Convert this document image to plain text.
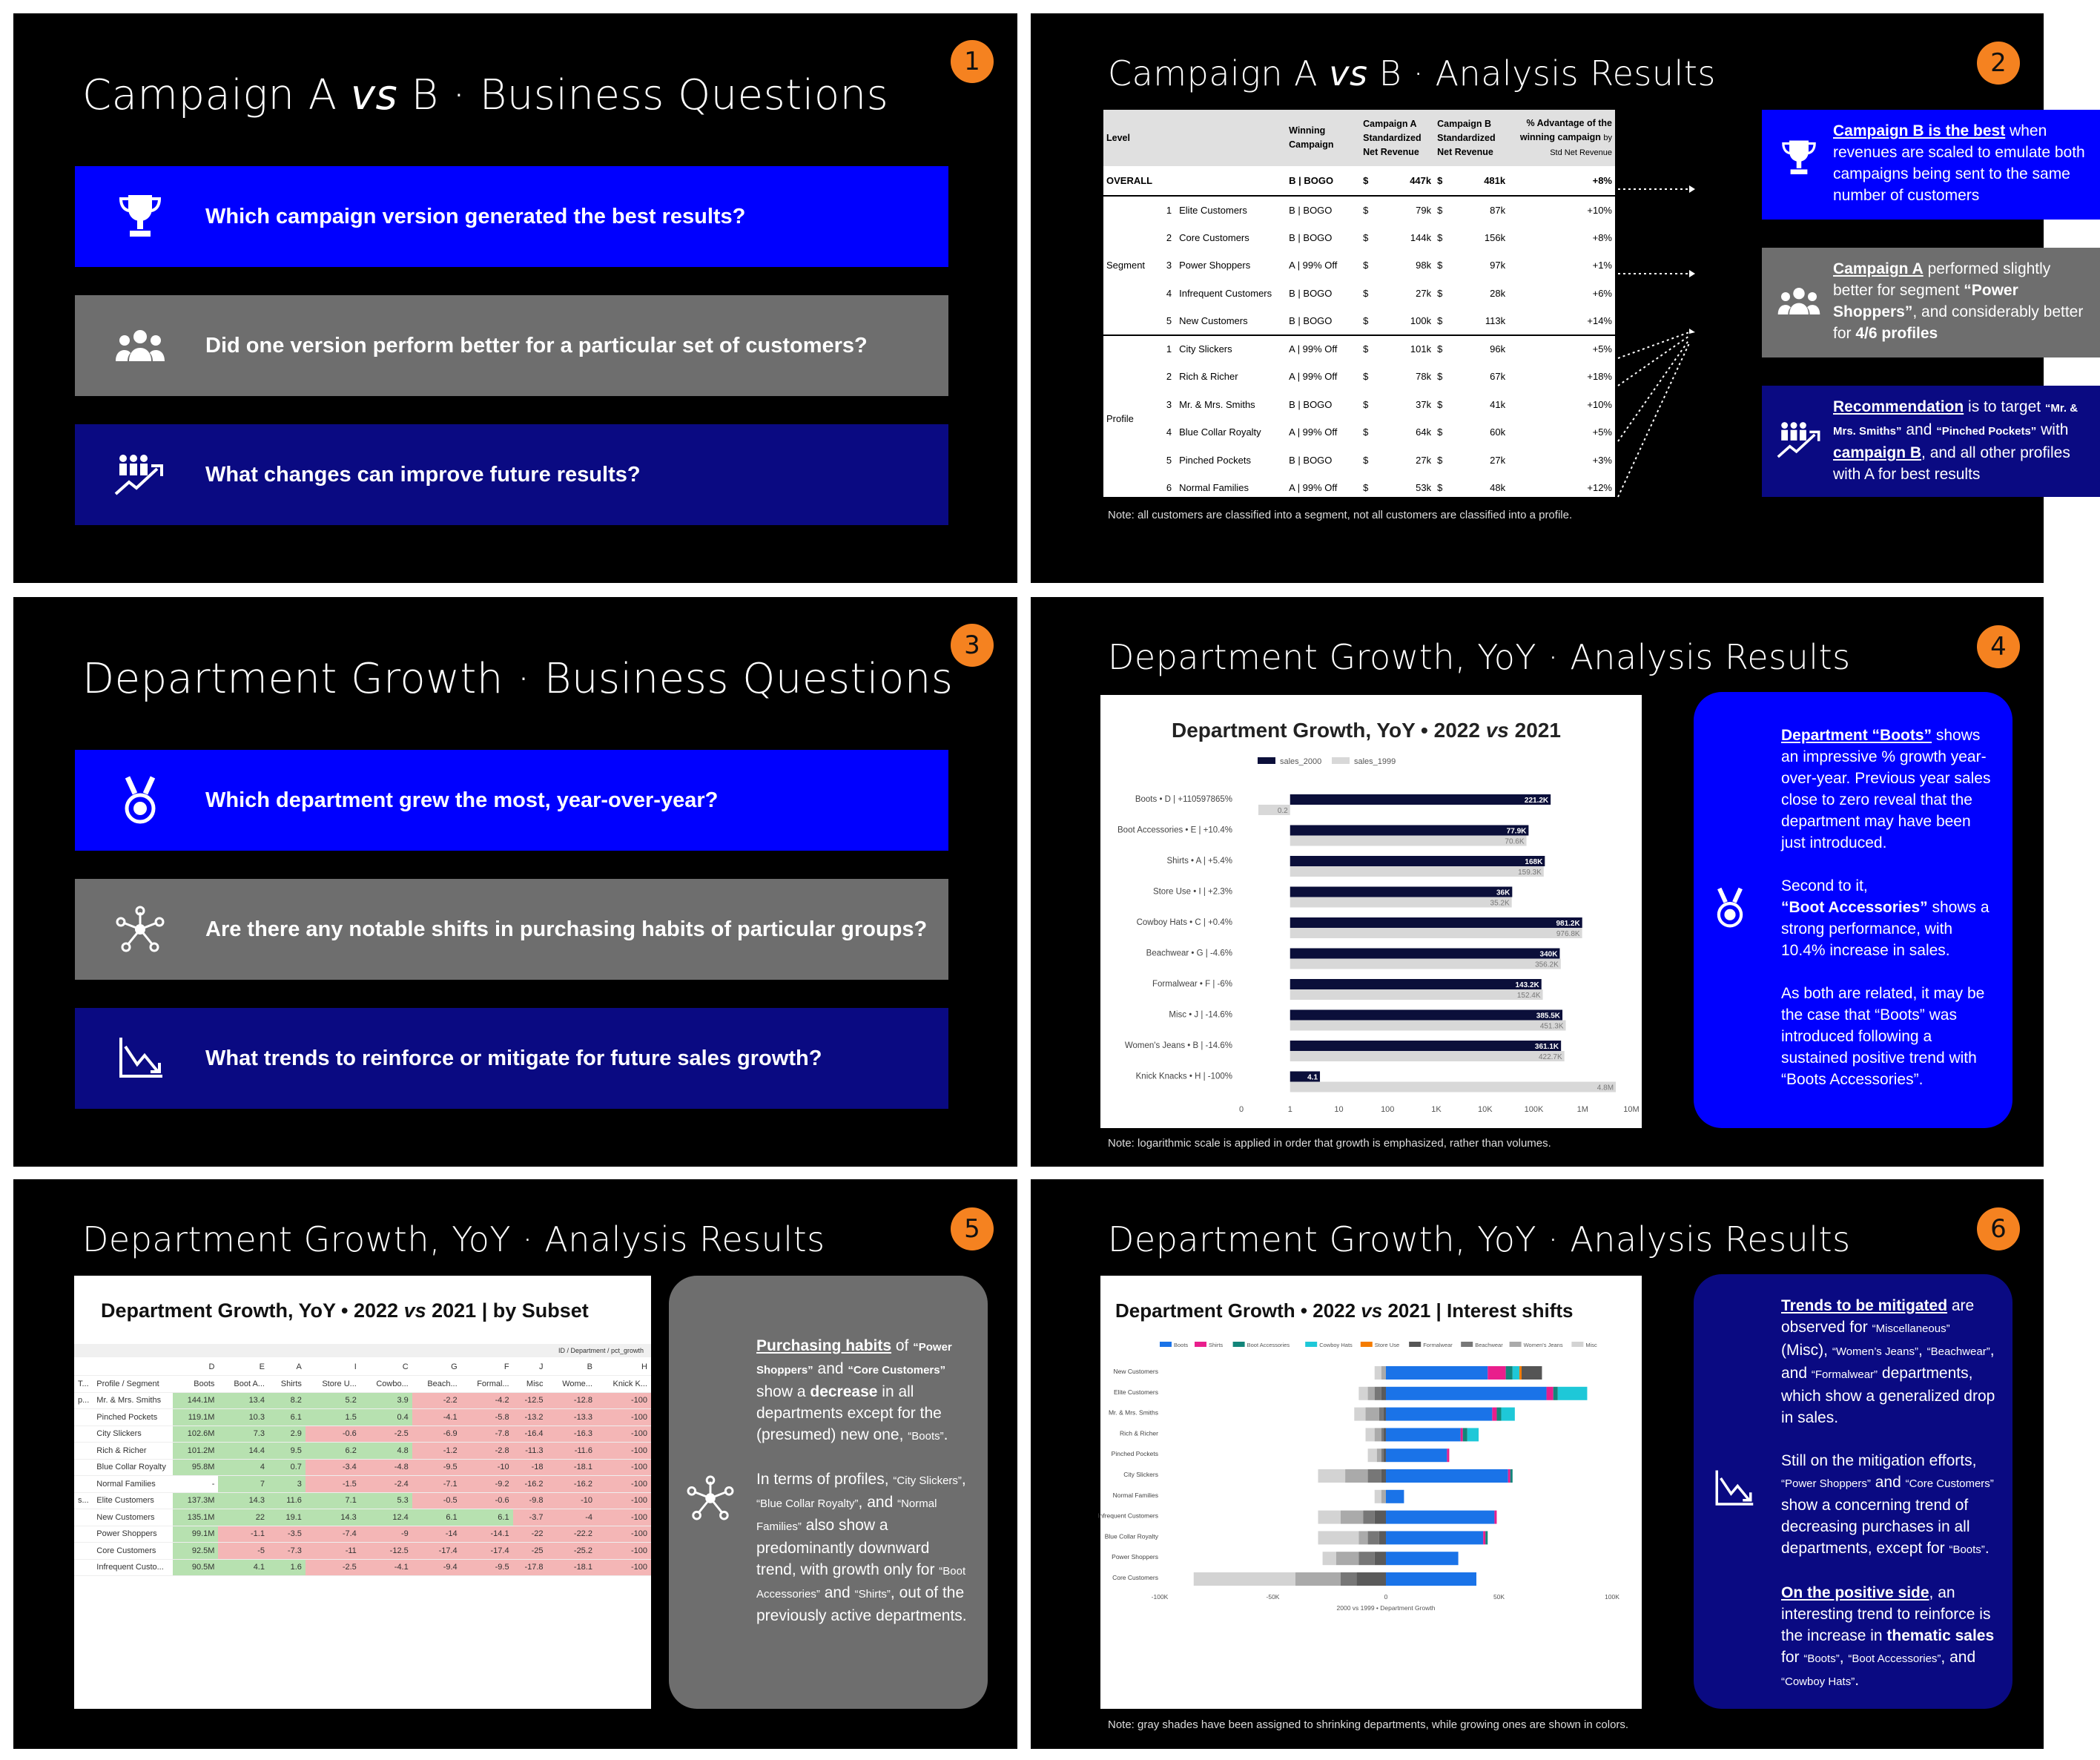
1
Campaign A vs B · Business Questions
Which campaign version generated the best results?
Did one version perform better for a particular set of customers?
What changes can improve future results?
2
Campaign A vs B · Analysis Results
Level		Winning Campaign	Campaign A Standardized Net Revenue	Campaign B Standardized Net Revenue	% Advantage of the winning campaign by Std Net Revenue
OVERALL		B | BOGO	$ 447k	$ 481k	+8%
Segment	1 Elite Customers	B | BOGO	$ 79k	$ 87k	+10%
	2 Core Customers	B | BOGO	$ 144k	$ 156k	+8%
	3 Power Shoppers	A | 99% Off	$ 98k	$ 97k	+1%
	4 Infrequent Customers	B | BOGO	$ 27k	$ 28k	+6%
	5 New Customers	B | BOGO	$ 100k	$ 113k	+14%
Profile	1 City Slickers	A | 99% Off	$ 101k	$ 96k	+5%
	2 Rich & Richer	A | 99% Off	$ 78k	$ 67k	+18%
	3 Mr. & Mrs. Smiths	B | BOGO	$ 37k	$ 41k	+10%
	4 Blue Collar Royalty	A | 99% Off	$ 64k	$ 60k	+5%
	5 Pinched Pockets	B | BOGO	$ 27k	$ 27k	+3%
	6 Normal Families	A | 99% Off	$ 53k	$ 48k	+12%
Note: all customers are classified into a segment, not all customers are classified into a profile.
Campaign B is the best when revenues are scaled to emulate both campaigns being sent to the same number of customers
Campaign A performed slightly better for segment “Power Shoppers”, and considerably better for 4/6 profiles
Recommendation is to target “Mr. & Mrs. Smiths” and “Pinched Pockets” with campaign B, and all other profiles with A for best results
3
Department Growth · Business Questions
Which department grew the most, year-over-year?
Are there any notable shifts in purchasing habits of particular groups?
What trends to reinforce or mitigate for future sales growth?
4
Department Growth, YoY · Analysis Results
Department Growth, YoY • 2022 vs 2021
sales_2000	sales_1999
Boots • D | +110597865%	221.2K
0.2
Boot Accessories • E | +10.4%	77.9K
70.6K
Shirts • A | +5.4%	168K
159.3K
Store Use • I | +2.3%	36K
35.2K
Cowboy Hats • C | +0.4%	981.2K
976.8K
Beachwear • G | -4.6%	340K
356.2K
Formalwear • F | -6%	143.2K
152.4K
Misc • J | -14.6%	385.5K
451.3K
Women's Jeans • B | -14.6%	361.1K
422.7K
Knick Knacks • H | -100%	4.1
4.8M
0	1	10	100	1K	10K	100K	1M	10M
Note: logarithmic scale is applied in order that growth is emphasized, rather than volumes.

Department “Boots” shows an impressive % growth year-over-year. Previous year sales close to zero reveal that the department may have been just introduced.

Second to it,
“Boot Accessories” shows a strong performance, with 10.4% increase in sales.

As both are related, it may be the case that “Boots” was introduced following a sustained positive trend with “Boots Accessories”.

5
Department Growth, YoY · Analysis Results
Department Growth, YoY • 2022 vs 2021 | by Subset
ID / Department / pct_growth
		D	E	A	I	C	G	F	J	B	H
T...	Profile / Segment	Boots	Boot A...	Shirts	Store U...	Cowbo...	Beach...	Formal...	Misc	Wome...	Knick K...
p...	Mr. & Mrs. Smiths	144.1M	13.4	8.2	5.2	3.9	-2.2	-4.2	-12.5	-12.8	-100
	Pinched Pockets	119.1M	10.3	6.1	1.5	0.4	-4.1	-5.8	-13.2	-13.3	-100
	City Slickers	102.6M	7.3	2.9	-0.6	-2.5	-6.9	-7.8	-16.4	-16.3	-100
	Rich & Richer	101.2M	14.4	9.5	6.2	4.8	-1.2	-2.8	-11.3	-11.6	-100
	Blue Collar Royalty	95.8M	4	0.7	-3.4	-4.8	-9.5	-10	-18	-18.1	-100
	Normal Families	-	7	3	-1.5	-2.4	-7.1	-9.2	-16.2	-16.2	-100
s...	Elite Customers	137.3M	14.3	11.6	7.1	5.3	-0.5	-0.6	-9.8	-10	-100
	New Customers	135.1M	22	19.1	14.3	12.4	6.1	6.1	-3.7	-4	-100
	Power Shoppers	99.1M	-1.1	-3.5	-7.4	-9	-14	-14.1	-22	-22.2	-100
	Core Customers	92.5M	-5	-7.3	-11	-12.5	-17.4	-17.4	-25	-25.2	-100
	Infrequent Custo...	90.5M	4.1	1.6	-2.5	-4.1	-9.4	-9.5	-17.8	-18.1	-100

Purchasing habits of “Power Shoppers” and “Core Customers” show a decrease in all departments except for the (presumed) new one, “Boots”.

In terms of profiles, “City Slickers”, “Blue Collar Royalty”, and “Normal Families” also show a predominantly downward trend, with growth only for “Boot Accessories” and “Shirts”, out of the previously active departments.

6
Department Growth, YoY · Analysis Results
Department Growth • 2022 vs 2021 | Interest shifts
Boots	Shirts	Boot Accessories	Cowboy Hats	Store Use	Formalwear	Beachwear	Women's Jeans	Misc
New Customers
Elite Customers
Mr. & Mrs. Smiths
Rich & Richer
Pinched Pockets
City Slickers
Normal Families
Infrequent Customers
Blue Collar Royalty
Power Shoppers
Core Customers
-100K	-50K	0	50K	100K
2000 vs 1999 • Department Growth
Note: gray shades have been assigned to shrinking departments, while growing ones are shown in colors.

Trends to be mitigated are observed for “Miscellaneous” (Misc), “Women’s Jeans”, “Beachwear”, and “Formalwear” departments, which show a generalized drop in sales.

Still on the mitigation efforts, “Power Shoppers” and “Core Customers” show a concerning trend of decreasing purchases in all departments, except for “Boots”.

On the positive side, an interesting trend to reinforce is the increase in thematic sales for “Boots”, “Boot Accessories”, and “Cowboy Hats”.
